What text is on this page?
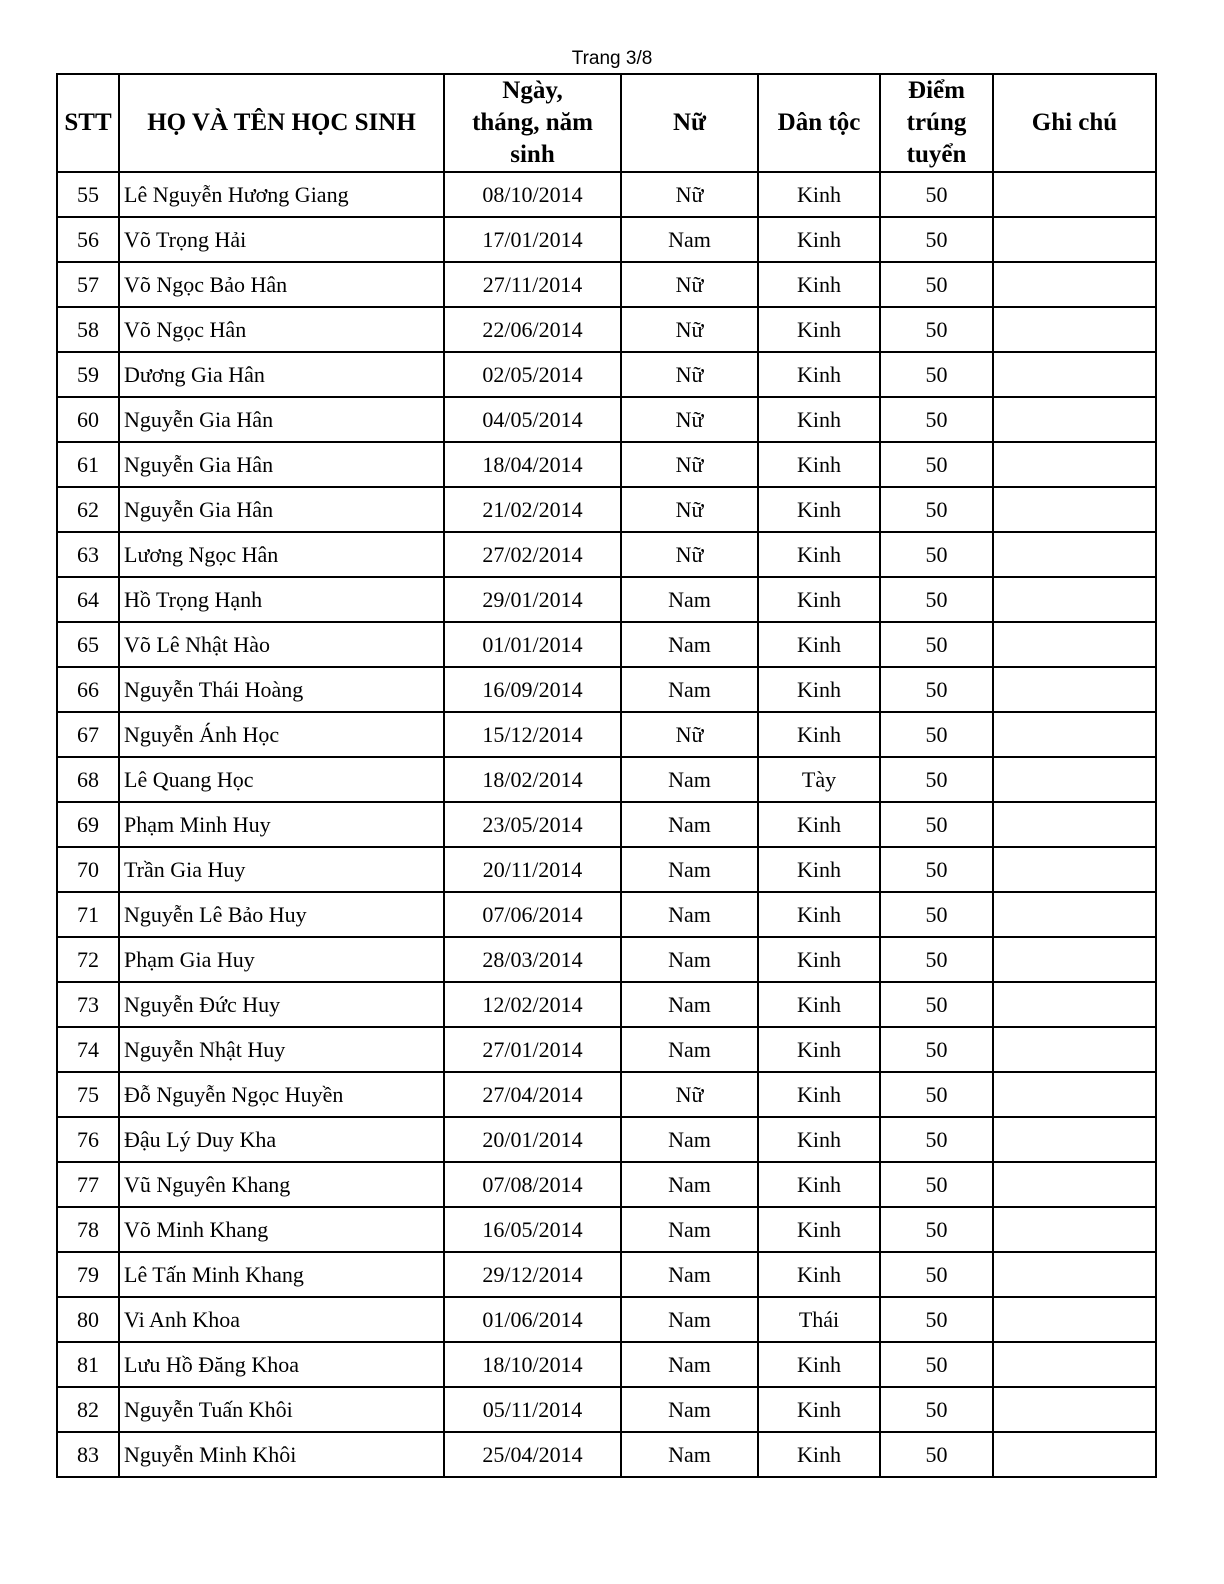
Trang 3/8
STT	HỌ VÀ TÊN HỌC SINH	Ngày, tháng, năm sinh	Nữ	Dân tộc	Điểm trúng tuyển	Ghi chú
55	Lê Nguyễn Hương Giang	08/10/2014	Nữ	Kinh	50	
56	Võ Trọng Hải	17/01/2014	Nam	Kinh	50	
57	Võ Ngọc Bảo Hân	27/11/2014	Nữ	Kinh	50	
58	Võ Ngọc Hân	22/06/2014	Nữ	Kinh	50	
59	Dương Gia Hân	02/05/2014	Nữ	Kinh	50	
60	Nguyễn Gia Hân	04/05/2014	Nữ	Kinh	50	
61	Nguyễn Gia Hân	18/04/2014	Nữ	Kinh	50	
62	Nguyễn Gia Hân	21/02/2014	Nữ	Kinh	50	
63	Lương Ngọc Hân	27/02/2014	Nữ	Kinh	50	
64	Hồ Trọng Hạnh	29/01/2014	Nam	Kinh	50	
65	Võ Lê Nhật Hào	01/01/2014	Nam	Kinh	50	
66	Nguyễn Thái Hoàng	16/09/2014	Nam	Kinh	50	
67	Nguyễn Ánh Học	15/12/2014	Nữ	Kinh	50	
68	Lê Quang Học	18/02/2014	Nam	Tày	50	
69	Phạm Minh Huy	23/05/2014	Nam	Kinh	50	
70	Trần Gia Huy	20/11/2014	Nam	Kinh	50	
71	Nguyễn Lê Bảo Huy	07/06/2014	Nam	Kinh	50	
72	Phạm Gia Huy	28/03/2014	Nam	Kinh	50	
73	Nguyễn Đức Huy	12/02/2014	Nam	Kinh	50	
74	Nguyễn Nhật Huy	27/01/2014	Nam	Kinh	50	
75	Đỗ Nguyễn Ngọc Huyền	27/04/2014	Nữ	Kinh	50	
76	Đậu Lý Duy Kha	20/01/2014	Nam	Kinh	50	
77	Vũ Nguyên Khang	07/08/2014	Nam	Kinh	50	
78	Võ Minh Khang	16/05/2014	Nam	Kinh	50	
79	Lê Tấn Minh Khang	29/12/2014	Nam	Kinh	50	
80	Vi Anh Khoa	01/06/2014	Nam	Thái	50	
81	Lưu Hồ Đăng Khoa	18/10/2014	Nam	Kinh	50	
82	Nguyễn Tuấn Khôi	05/11/2014	Nam	Kinh	50	
83	Nguyễn Minh Khôi	25/04/2014	Nam	Kinh	50	
